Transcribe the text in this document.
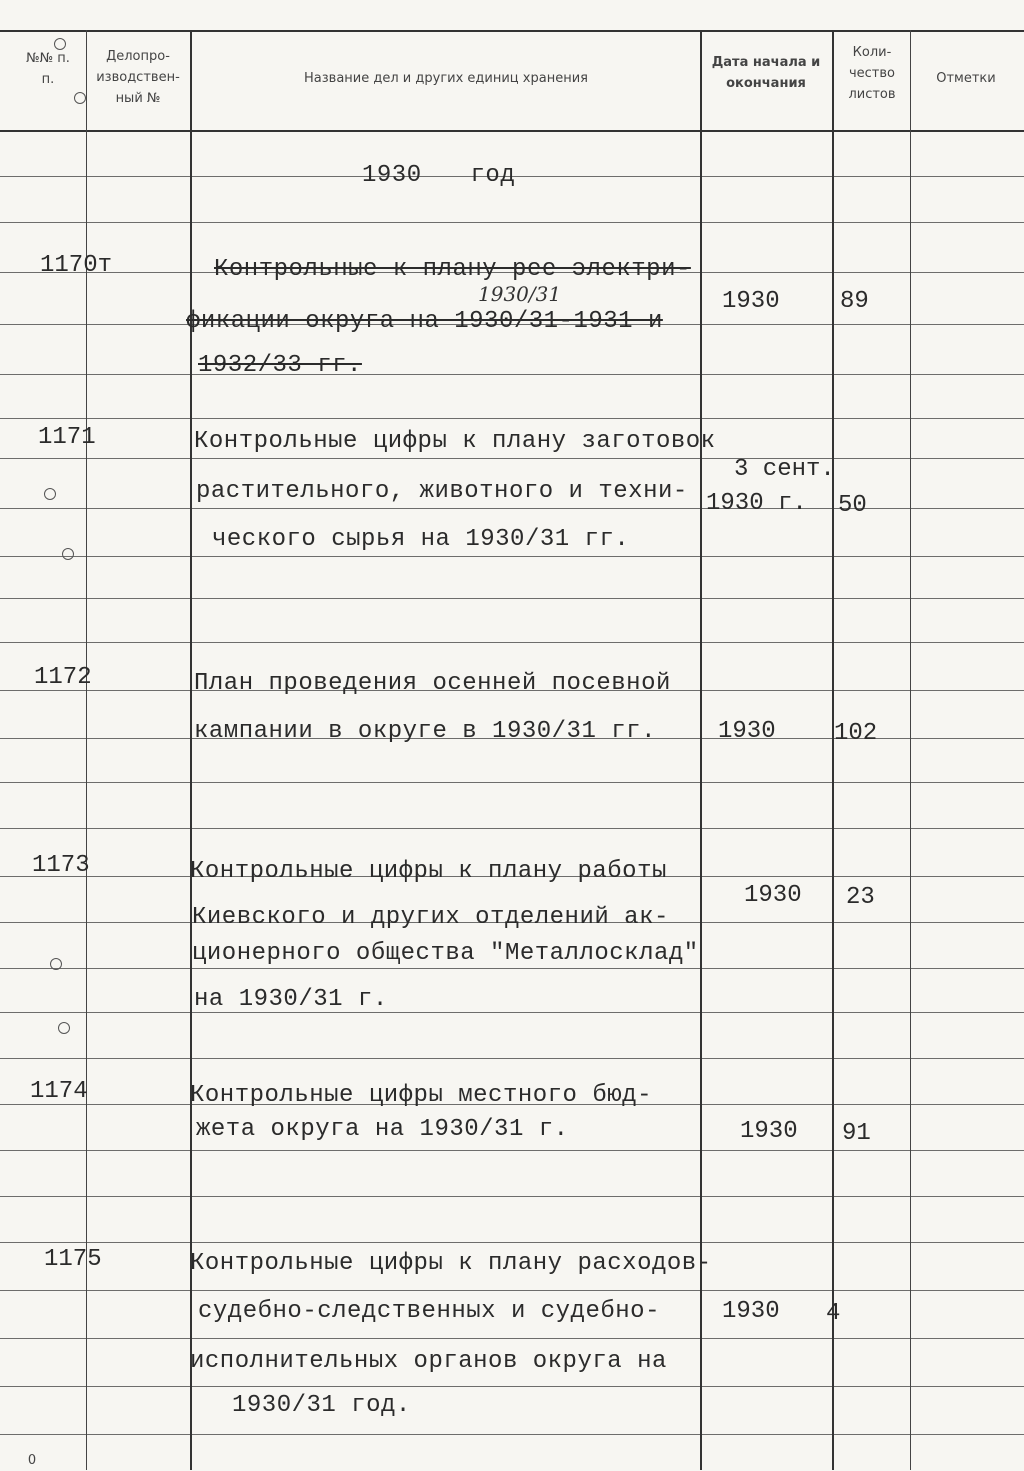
№№ п. п.
Делопро-изводствен-ный №
Название дел и других единиц хранения
Дата начала и окончания
Коли-чество листов
Отметки
1930 год
1170т	Контрольные к плану рее электри-
1930/31
фикации округа на 1930/31-1931 и
1932/33 гг.
1930	89
1171	Контрольные цифры к плану заготовок
растительного, животного и техни-
ческого сырья на 1930/31 гг.
3 сент.
1930 г. 50
1172	План проведения осенней посевной
кампании в округе в 1930/31 гг.	1930 102
1173	Контрольные цифры к плану работы
Киевского и других отделений ак-
ционерного общества "Металлосклад"
на 1930/31 г.
1930 23
1174	Контрольные цифры местного бюд-
жета округа на 1930/31 г.	1930 91
1175	Контрольные цифры к плану расходов-
судебно-следственных и судебно-
исполнительных органов округа на
1930/31 год.
1930 4
0
